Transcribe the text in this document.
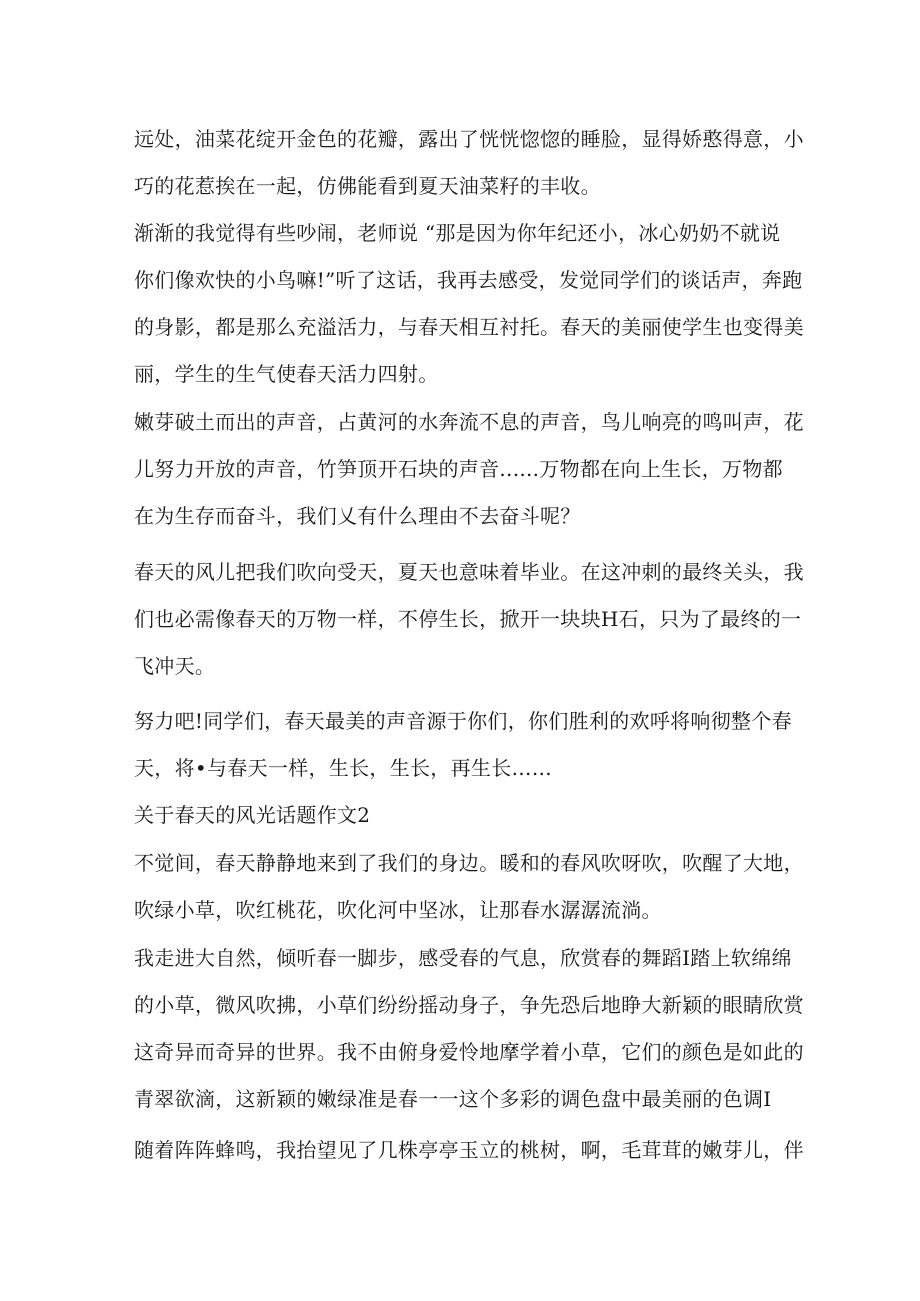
远处，油菜花绽开金色的花瓣，露出了恍恍惚惚的睡脸，显得娇憨得意，小
巧的花惹挨在一起，仿佛能看到夏天油菜籽的丰收。
渐渐的我觉得有些吵闹，老师说 “那是因为你年纪还小，冰心奶奶不就说
你们像欢快的小鸟嘛!”听了这话，我再去感受，发觉同学们的谈话声，奔跑
的身影，都是那么充溢活力，与春天相互衬托。春天的美丽使学生也变得美
丽，学生的生气使春天活力四射。
嫩芽破土而出的声音，占黄河的水奔流不息的声音，鸟儿响亮的鸣叫声，花
儿努力开放的声音，竹笋顶开石块的声音......万物都在向上生长，万物都
在为生存而奋斗，我们乂有什么理由不去奋斗呢？
春天的风儿把我们吹向受天，夏天也意味着毕业。在这冲刺的最终关头，我
们也必需像春天的万物一样，不停生长，掀开一块块H石，只为了最终的一
飞冲天。
努力吧!同学们，春天最美的声音源于你们，你们胜利的欢呼将响彻整个春
天，将•与春天一样，生长，生长，再生长……
关于春天的风光话题作文2
不觉间，春天静静地来到了我们的身边。暖和的春风吹呀吹，吹醒了大地，
吹绿小草，吹红桃花，吹化河中坚冰，让那春水潺潺流淌。
我走进大自然，倾听春一脚步，感受春的气息，欣赏春的舞蹈I踏上软绵绵
的小草，微风吹拂，小草们纷纷摇动身子，争先恐后地睁大新颖的眼睛欣赏
这奇异而奇异的世界。我不由俯身爱怜地摩学着小草，它们的颜色是如此的
青翠欲滴，这新颖的嫩绿准是春一一这个多彩的调色盘中最美丽的色调I
随着阵阵蜂鸣，我抬望见了几株亭亭玉立的桃树，啊，毛茸茸的嫩芽儿，伴
